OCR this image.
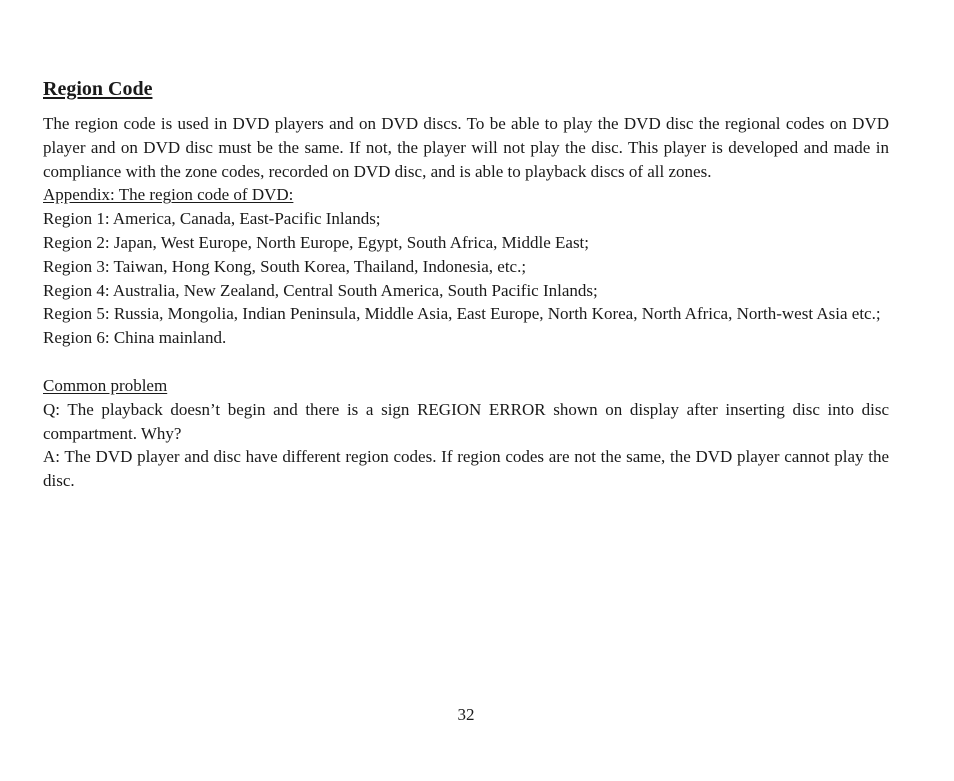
Region Code

The region code is used in DVD players and on DVD discs. To be able to play the DVD disc the regional codes on DVD player and on DVD disc must be the same. If not, the player will not play the disc. This player is developed and made in compliance with the zone codes, recorded on DVD disc, and is able to playback discs of all zones.

Appendix: The region code of DVD:

Region 1: America, Canada, East-Pacific Inlands;

Region 2: Japan, West Europe, North Europe, Egypt, South Africa, Middle East;

Region 3: Taiwan, Hong Kong, South Korea, Thailand, Indonesia, etc.;

Region 4: Australia, New Zealand, Central South America, South Pacific Inlands;

Region 5: Russia, Mongolia, Indian Peninsula, Middle Asia, East Europe, North Korea, North Africa, North-west Asia etc.;

Region 6: China mainland.

Common problem

Q: The playback doesn’t begin and there is a sign REGION ERROR shown on display after inserting disc into disc compartment. Why?

A: The DVD player and disc have different region codes. If region codes are not the same, the DVD player cannot play the disc.

32
